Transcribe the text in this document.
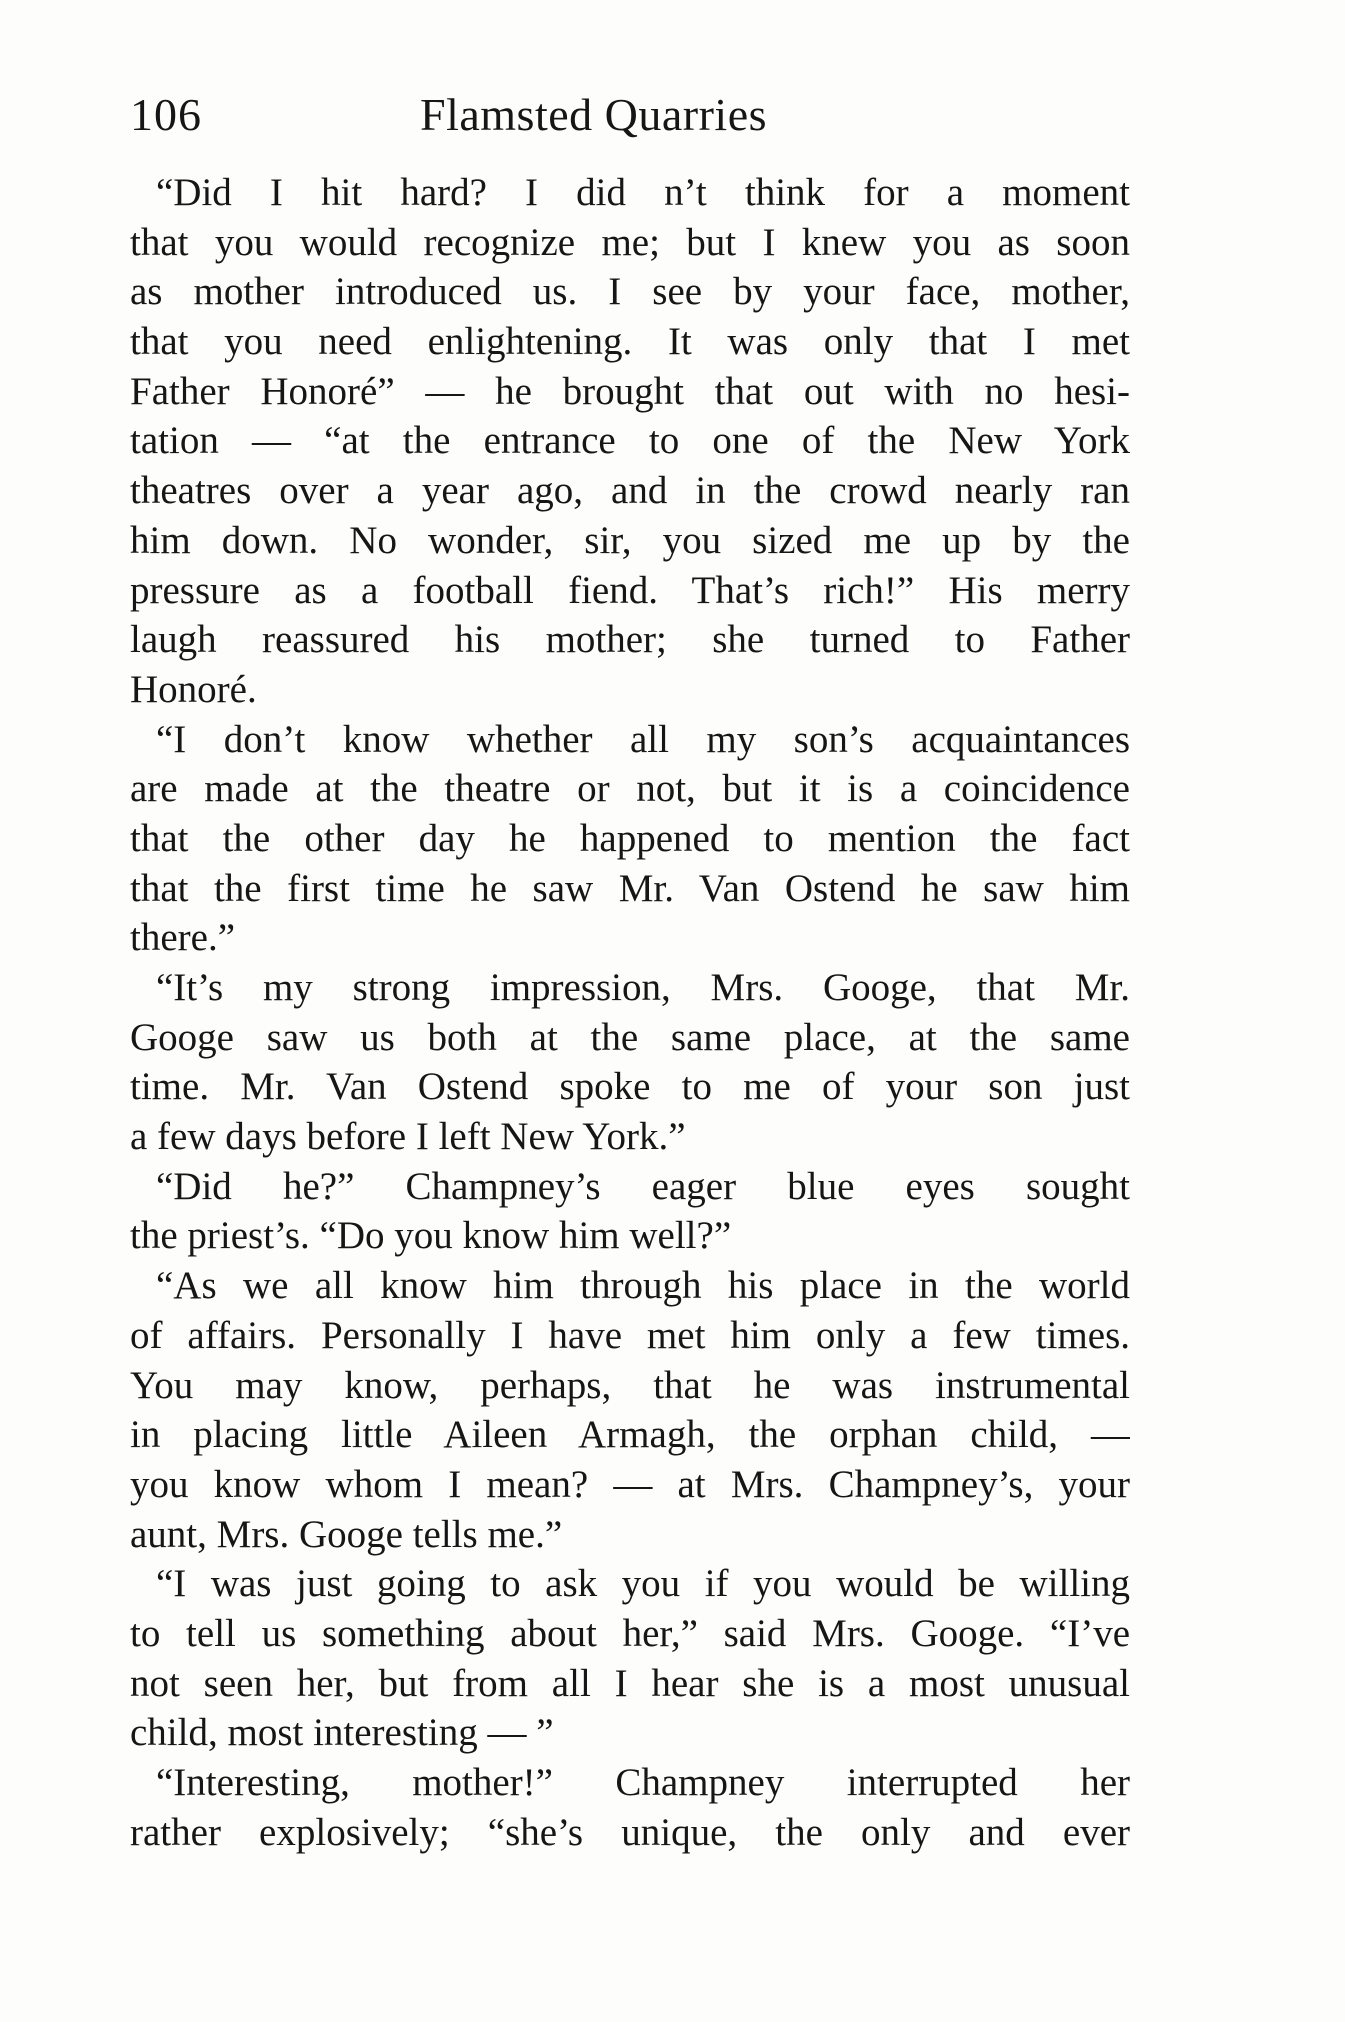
106	Flamsted Quarries
“Did I hit hard? I did n’t think for a moment
that you would recognize me; but I knew you as soon
as mother introduced us. I see by your face, mother,
that you need enlightening. It was only that I met
Father Honoré” — he brought that out with no hesi-
tation — “at the entrance to one of the New York
theatres over a year ago, and in the crowd nearly ran
him down. No wonder, sir, you sized me up by the
pressure as a football fiend. That’s rich!” His merry
laugh reassured his mother; she turned to Father
Honoré.
“I don’t know whether all my son’s acquaintances
are made at the theatre or not, but it is a coincidence
that the other day he happened to mention the fact
that the first time he saw Mr. Van Ostend he saw him
there.”
“It’s my strong impression, Mrs. Googe, that Mr.
Googe saw us both at the same place, at the same
time. Mr. Van Ostend spoke to me of your son just
a few days before I left New York.”
“Did he?” Champney’s eager blue eyes sought
the priest’s. “Do you know him well?”
“As we all know him through his place in the world
of affairs. Personally I have met him only a few times.
You may know, perhaps, that he was instrumental
in placing little Aileen Armagh, the orphan child, —
you know whom I mean? — at Mrs. Champney’s, your
aunt, Mrs. Googe tells me.”
“I was just going to ask you if you would be willing
to tell us something about her,” said Mrs. Googe. “I’ve
not seen her, but from all I hear she is a most unusual
child, most interesting — ”
“Interesting, mother!” Champney interrupted her
rather explosively; “she’s unique, the only and ever
